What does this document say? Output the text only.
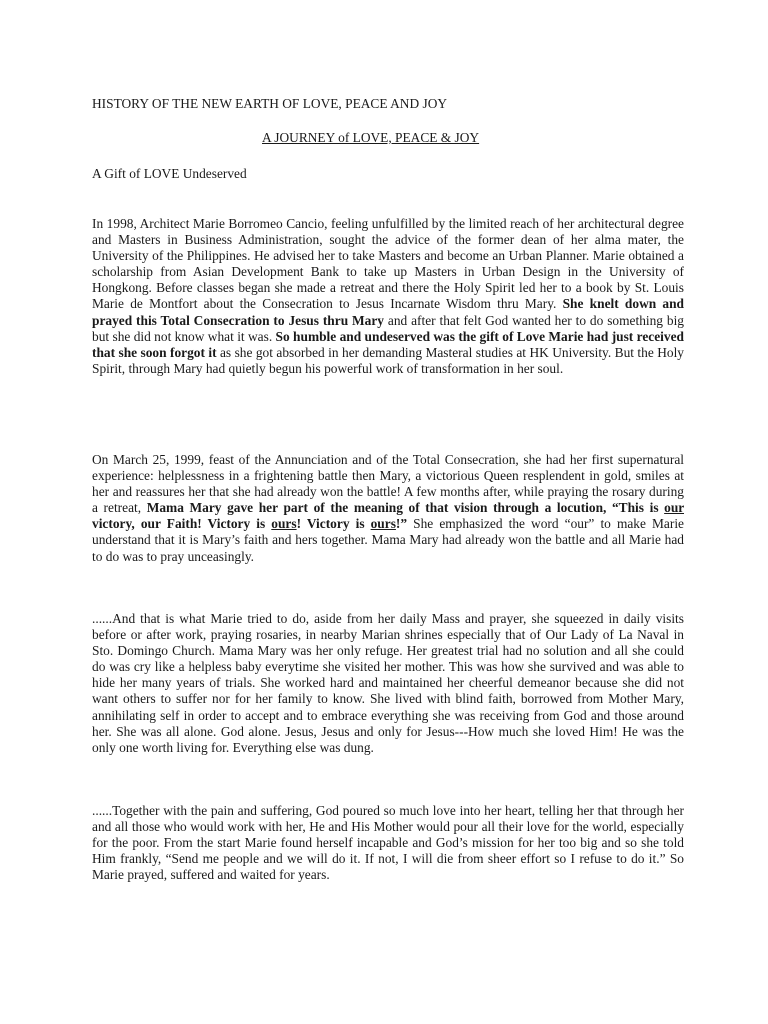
HISTORY OF THE NEW EARTH OF LOVE, PEACE AND JOY
A JOURNEY of LOVE, PEACE & JOY
A Gift of LOVE Undeserved

In 1998, Architect Marie Borromeo Cancio, feeling unfulfilled by the limited reach of her architectural degree and Masters in Business Administration, sought the advice of the former dean of her alma mater, the University of the Philippines. He advised her to take Masters and become an Urban Planner. Marie obtained a scholarship from Asian Development Bank to take up Masters in Urban Design in the University of Hongkong. Before classes began she made a retreat and there the Holy Spirit led her to a book by St. Louis Marie de Montfort about the Consecration to Jesus Incarnate Wisdom thru Mary. She knelt down and prayed this Total Consecration to Jesus thru Mary and after that felt God wanted her to do something big but she did not know what it was. So humble and undeserved was the gift of Love Marie had just received that she soon forgot it as she got absorbed in her demanding Masteral studies at HK University. But the Holy Spirit, through Mary had quietly begun his powerful work of transformation in her soul.

On March 25, 1999, feast of the Annunciation and of the Total Consecration, she had her first supernatural experience: helplessness in a frightening battle then Mary, a victorious Queen resplendent in gold, smiles at her and reassures her that she had already won the battle! A few months after, while praying the rosary during a retreat, Mama Mary gave her part of the meaning of that vision through a locution, “This is our victory, our Faith! Victory is ours! Victory is ours!” She emphasized the word “our” to make Marie understand that it is Mary’s faith and hers together. Mama Mary had already won the battle and all Marie had to do was to pray unceasingly.

......And that is what Marie tried to do, aside from her daily Mass and prayer, she squeezed in daily visits before or after work, praying rosaries, in nearby Marian shrines especially that of Our Lady of La Naval in Sto. Domingo Church. Mama Mary was her only refuge. Her greatest trial had no solution and all she could do was cry like a helpless baby everytime she visited her mother. This was how she survived and was able to hide her many years of trials. She worked hard and maintained her cheerful demeanor because she did not want others to suffer nor for her family to know. She lived with blind faith, borrowed from Mother Mary, annihilating self in order to accept and to embrace everything she was receiving from God and those around her. She was all alone. God alone. Jesus, Jesus and only for Jesus---How much she loved Him! He was the only one worth living for. Everything else was dung.

......Together with the pain and suffering, God poured so much love into her heart, telling her that through her and all those who would work with her, He and His Mother would pour all their love for the world, especially for the poor. From the start Marie found herself incapable and God’s mission for her too big and so she told Him frankly, “Send me people and we will do it. If not, I will die from sheer effort so I refuse to do it.” So Marie prayed, suffered and waited for years.
